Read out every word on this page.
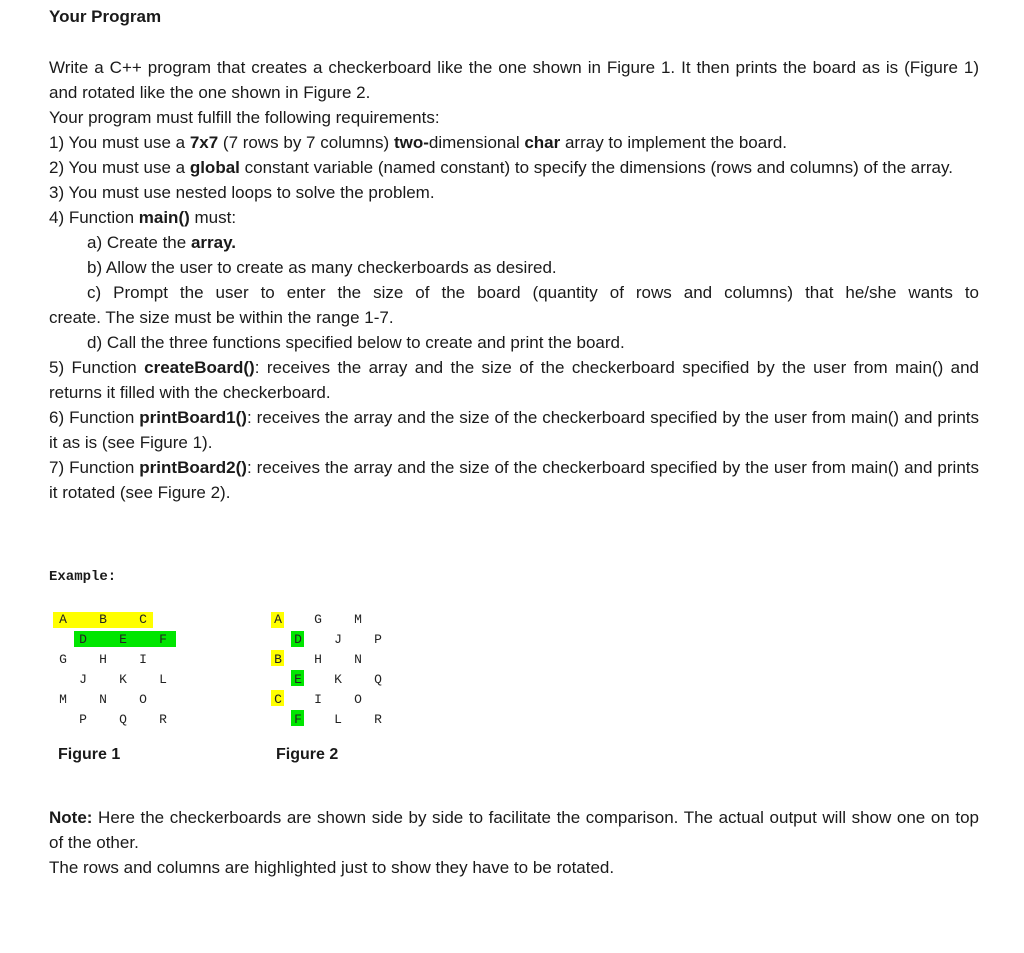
Your Program

Write a C++ program that creates a checkerboard like the one shown in Figure 1. It then prints the board as is (Figure 1) and rotated like the one shown in Figure 2.

Your program must fulfill the following requirements:

1) You must use a 7x7 (7 rows by 7 columns) two-dimensional char array to implement the board.

2) You must use a global constant variable (named constant) to specify the dimensions (rows and columns) of the array.

3) You must use nested loops to solve the problem.

4) Function main() must:

a) Create the array.

b) Allow the user to create as many checkerboards as desired.

c) Prompt the user to enter the size of the board (quantity of rows and columns) that he/she wants to

create. The size must be within the range 1-7.

d) Call the three functions specified below to create and print the board.

5) Function createBoard(): receives the array and the size of the checkerboard specified by the user from main() and returns it filled with the checkerboard.

6) Function printBoard1(): receives the array and the size of the checkerboard specified by the user from main() and prints it as is (see Figure 1).

7) Function printBoard2(): receives the array and the size of the checkerboard specified by the user from main() and prints it rotated (see Figure 2).

Example:
A	B	C
D	E	F
G	H	I
J	K	L
M	N	O
P	Q	R
Figure 1
A	G	M
D	J	P
B	H	N
E	K	Q
C	I	O
F	L	R
Figure 2

Note: Here the checkerboards are shown side by side to facilitate the comparison. The actual output will show one on top of the other.

The rows and columns are highlighted just to show they have to be rotated.
